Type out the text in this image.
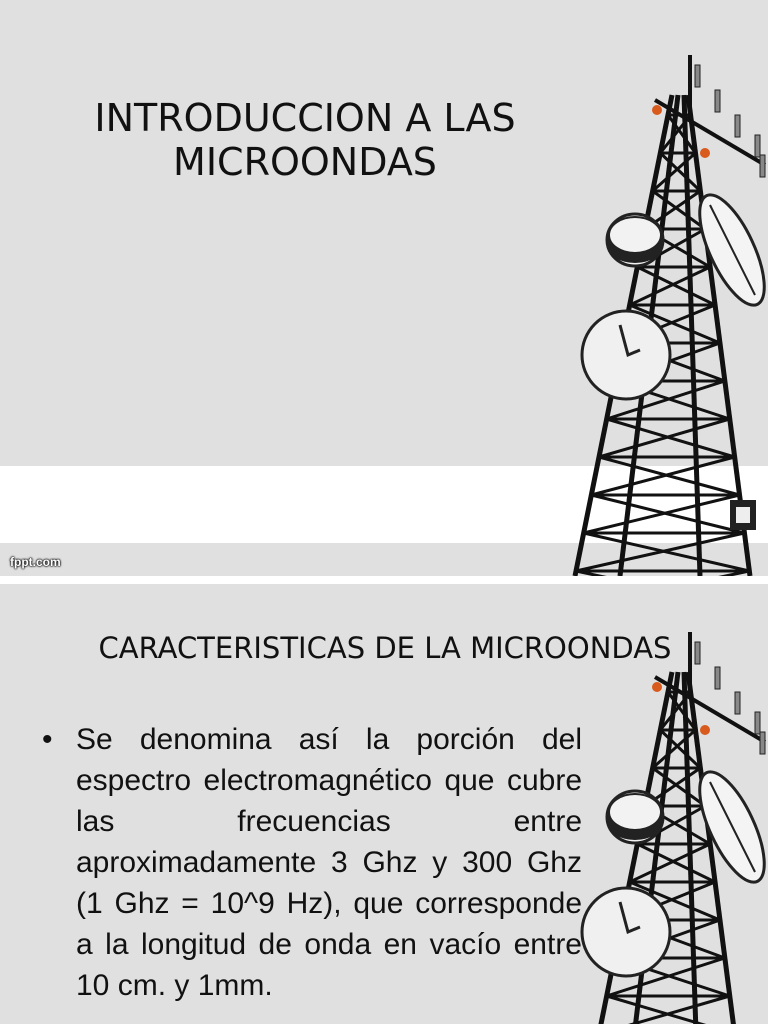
INTRODUCCION A LAS
MICROONDAS
fppt.com
CARACTERISTICAS DE LA MICROONDAS
• Se denomina así la porción del espectro electromagnético que cubre las frecuencias entre aproximadamente 3 Ghz y 300 Ghz (1 Ghz = 10^9 Hz), que corresponde a la longitud de onda en vacío entre 10 cm. y 1mm.
